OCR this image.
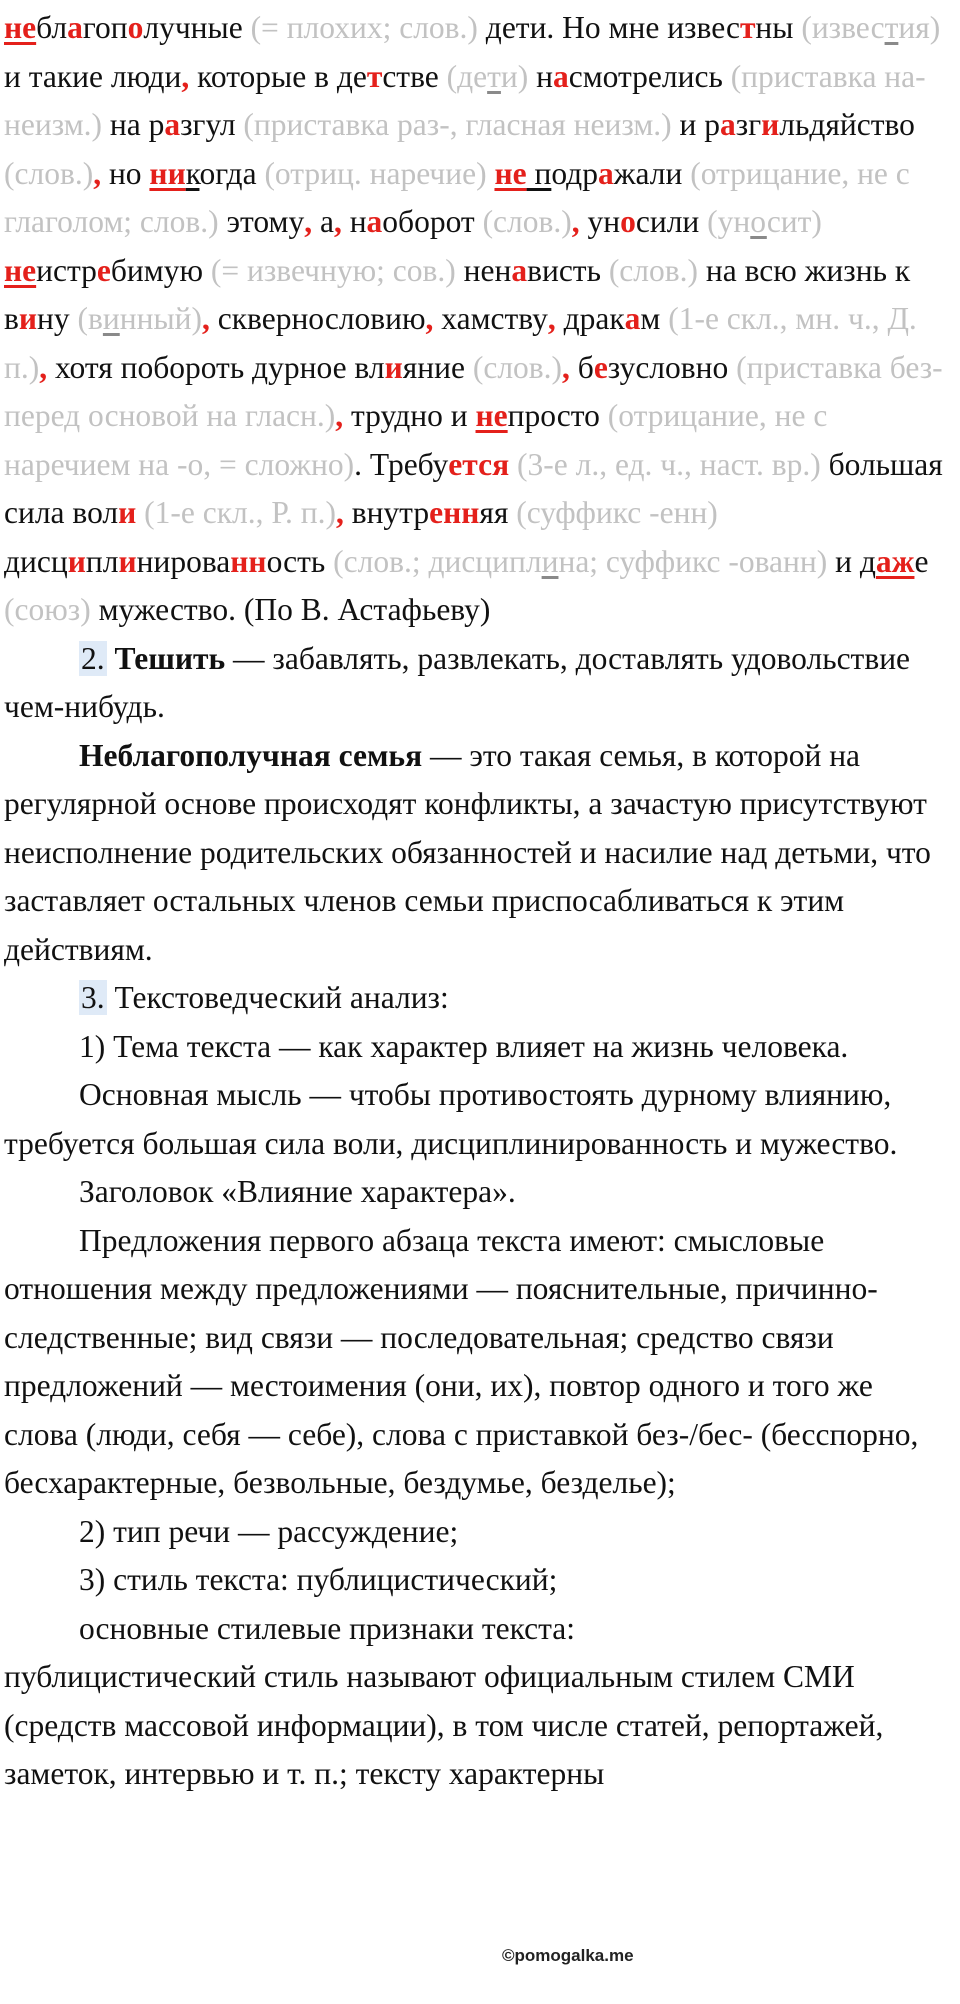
неблагополучные (= плохих; слов.) дети. Но мне известны (известия) и такие люди, которые в детстве (дети) насмотрелись (приставка на- неизм.) на разгул (приставка раз-, гласная неизм.) и разгильдяйство (слов.), но никогда (отриц. наречие) не подражали (отрицание, не с глаголом; слов.) этому, а, наоборот (слов.), уносили (уносит) неистребимую (= извечную; сов.) ненависть (слов.) на всю жизнь к вину (винный), сквернословию, хамству, дракам (1-е скл., мн. ч., Д. п.), хотя побороть дурное влияние (слов.), безусловно (приставка без- перед основой на гласн.), трудно и непросто (отрицание, не с наречием на -о, = сложно). Требуется (3-е л., ед. ч., наст. вр.) большая сила воли (1-е скл., Р. п.), внутренняя (суффикс -енн) дисциплинированность (слов.; дисциплина; суффикс -ованн) и даже (союз) мужество. (По В. Астафьеву)

2. Тешить — забавлять, развлекать, доставлять удовольствие чем-нибудь.

Неблагополучная семья — это такая семья, в которой на регулярной основе происходят конфликты, а зачастую присутствуют неисполнение родительских обязанностей и насилие над детьми, что заставляет остальных членов семьи приспосабливаться к этим действиям.

3. Текстоведческий анализ:

1) Тема текста — как характер влияет на жизнь человека.

Основная мысль — чтобы противостоять дурному влиянию, требуется большая сила воли, дисциплинированность и мужество.

Заголовок «Влияние характера».

Предложения первого абзаца текста имеют: смысловые отношения между предложениями — пояснительные, причинно-следственные; вид связи — последовательная; средство связи предложений — местоимения (они, их), повтор одного и того же слова (люди, себя — себе), слова с приставкой без-/бес- (бесспорно, бесхарактерные, безвольные, бездумье, безделье);

2) тип речи — рассуждение;

3) стиль текста: публицистический;

основные стилевые признаки текста:

публицистический стиль называют официальным стилем СМИ (средств массовой информации), в том числе статей, репортажей, заметок, интервью и т. п.; тексту характерны

©pomogalka.me
